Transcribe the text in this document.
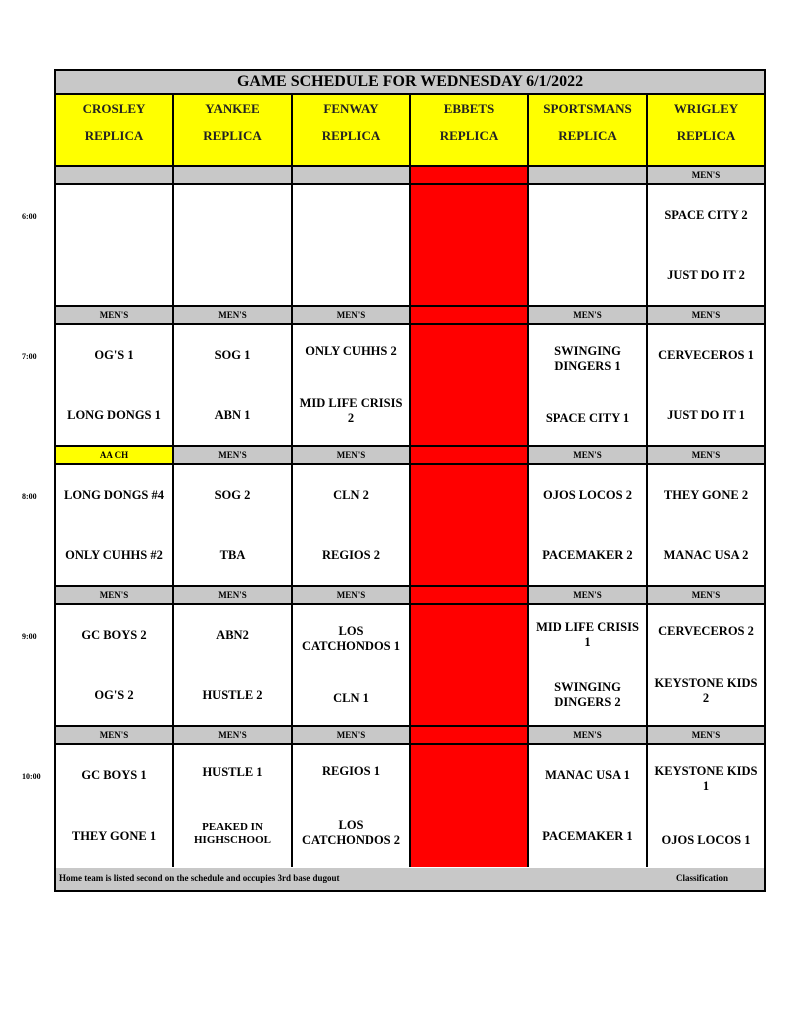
GAME SCHEDULE FOR WEDNESDAY 6/1/2022
CROSLEY
REPLICA
YANKEE
REPLICA
FENWAY
REPLICA
EBBETS
REPLICA
SPORTSMANS
REPLICA
WRIGLEY
REPLICA
MEN'S
SPACE CITY 2
JUST DO IT 2
MEN'S
OG'S 1
LONG DONGS 1
MEN'S
SOG 1
ABN 1
MEN'S
ONLY CUHHS 2
MID LIFE CRISIS 2
MEN'S
SWINGING DINGERS 1
SPACE CITY 1
MEN'S
CERVECEROS 1
JUST DO IT 1
AA CH
LONG DONGS #4
ONLY CUHHS #2
MEN'S
SOG 2
TBA
MEN'S
CLN 2
REGIOS 2
MEN'S
OJOS LOCOS 2
PACEMAKER 2
MEN'S
THEY GONE 2
MANAC USA 2
MEN'S
GC BOYS 2
OG'S 2
MEN'S
ABN2
HUSTLE 2
MEN'S
LOS CATCHONDOS 1
CLN 1
MEN'S
MID LIFE CRISIS 1
SWINGING DINGERS 2
MEN'S
CERVECEROS 2
KEYSTONE KIDS 2
MEN'S
GC BOYS 1
THEY GONE 1
MEN'S
HUSTLE 1
PEAKED IN HIGHSCHOOL
MEN'S
REGIOS 1
LOS CATCHONDOS 2
MEN'S
MANAC USA 1
PACEMAKER 1
MEN'S
KEYSTONE KIDS 1
OJOS LOCOS 1
Home team is listed second on the schedule and occupies 3rd base dugout	Classification
6:00
7:00
8:00
9:00
10:00
